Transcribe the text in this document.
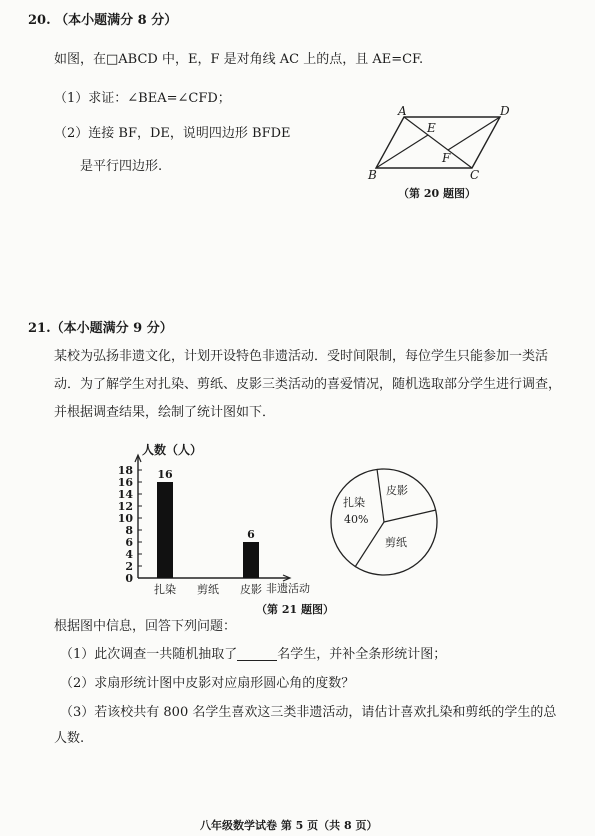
20. （本小题满分 8 分）
如图，在□ABCD 中，E，F 是对角线 AC 上的点，且 AE=CF.
（1）求证：∠BEA=∠CFD；
（2）连接 BF，DE，说明四边形 BFDE
是平行四边形.
A	D
B	C
E
F
（第 20 题图）
21.（本小题满分 9 分）
某校为弘扬非遗文化，计划开设特色非遗活动．受时间限制，每位学生只能参加一类活
动．为了解学生对扎染、剪纸、皮影三类活动的喜爱情况，随机选取部分学生进行调查，
并根据调查结果，绘制了统计图如下．
人数（人）
非遗活动
0
2
4
6
8
10
12
14
16
18
扎染 剪纸 皮影
16
6
（第 21 题图）
扎染
40%
皮影
剪纸
根据图中信息，回答下列问题：
（1）此次调查一共随机抽取了	名学生，并补全条形统计图；
（2）求扇形统计图中皮影对应扇形圆心角的度数？
（3）若该校共有 800 名学生喜欢这三类非遗活动，请估计喜欢扎染和剪纸的学生的总
人数.
八年级数学试卷 第 5 页（共 8 页）
